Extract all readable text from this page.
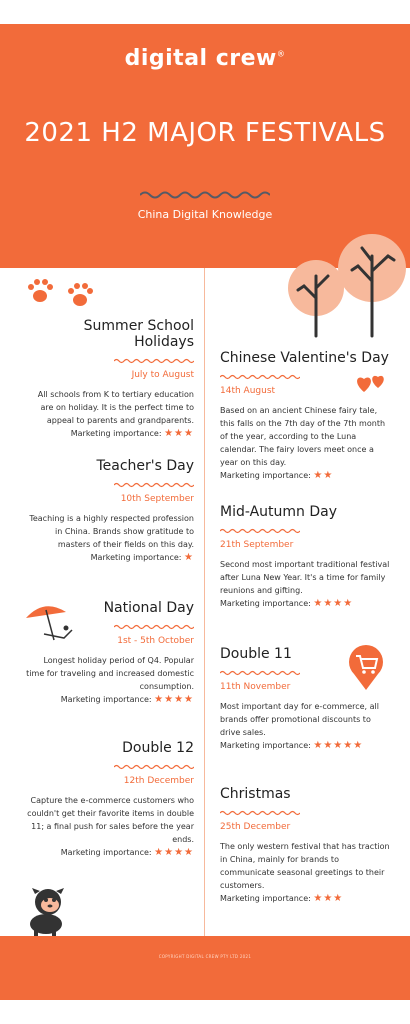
digital crew®
2021 H2 MAJOR FESTIVALS
China Digital Knowledge
Summer School Holidays
July to August
All schools from K to tertiary education are on holiday. It is the perfect time to appeal to parents and grandparents.
Marketing importance: ★★★
Teacher's Day
10th September
Teaching is a highly respected profession in China. Brands show gratitude to masters of their fields on this day.
Marketing importance: ★
National Day
1st - 5th October
Longest holiday period of Q4. Popular time for traveling and increased domestic consumption.
Marketing importance: ★★★★
Double 12
12th December
Capture the e-commerce customers who couldn't get their favorite items in double 11; a final push for sales before the year ends.
Marketing importance: ★★★★
Chinese Valentine's Day
14th August
Based on an ancient Chinese fairy tale, this falls on the 7th day of the 7th month of the year, according to the Luna calendar. The fairy lovers meet once a year on this day.
Marketing importance: ★★
Mid-Autumn Day
21th September
Second most important traditional festival after Luna New Year. It's a time for family reunions and gifting.
Marketing importance: ★★★★
Double 11
11th November
Most important day for e-commerce, all brands offer promotional discounts to drive sales.
Marketing importance: ★★★★★
Christmas
25th December
The only western festival that has traction in China, mainly for brands to communicate seasonal greetings to their customers.
Marketing importance: ★★★
COPYRIGHT DIGITAL CREW PTY LTD 2021
